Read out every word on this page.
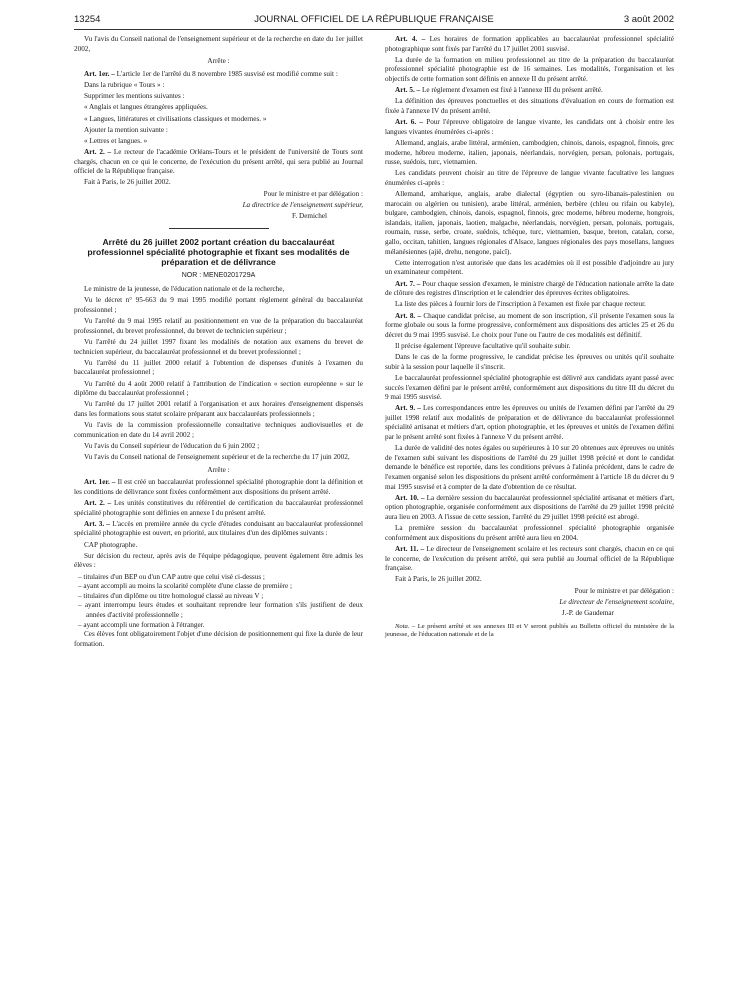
13254	JOURNAL OFFICIEL DE LA RÉPUBLIQUE FRANÇAISE	3 août 2002

Vu l'avis du Conseil national de l'enseignement supérieur et de la recherche en date du 1er juillet 2002,

Arrête :

Art. 1er. – L'article 1er de l'arrêté du 8 novembre 1985 susvisé est modifié comme suit :

Dans la rubrique « Tours » :

Supprimer les mentions suivantes :

« Anglais et langues étrangères appliquées.

« Langues, littératures et civilisations classiques et modernes. »

Ajouter la mention suivante :

« Lettres et langues. »

Art. 2. – Le recteur de l'académie Orléans-Tours et le président de l'université de Tours sont chargés, chacun en ce qui le concerne, de l'exécution du présent arrêté, qui sera publié au Journal officiel de la République française.

Fait à Paris, le 26 juillet 2002.

Pour le ministre et par délégation :

La directrice de l'enseignement supérieur,

F. Demichel

Arrêté du 26 juillet 2002 portant création du baccalauréat professionnel spécialité photographie et fixant ses modalités de préparation et de délivrance

NOR : MENE0201729A

Le ministre de la jeunesse, de l'éducation nationale et de la recherche,

Vu le décret n° 95-663 du 9 mai 1995 modifié portant règlement général du baccalauréat professionnel ;

Vu l'arrêté du 9 mai 1995 relatif au positionnement en vue de la préparation du baccalauréat professionnel, du brevet professionnel, du brevet de technicien supérieur ;

Vu l'arrêté du 24 juillet 1997 fixant les modalités de notation aux examens du brevet de technicien supérieur, du baccalauréat professionnel et du brevet professionnel ;

Vu l'arrêté du 11 juillet 2000 relatif à l'obtention de dispenses d'unités à l'examen du baccalauréat professionnel ;

Vu l'arrêté du 4 août 2000 relatif à l'attribution de l'indication « section européenne » sur le diplôme du baccalauréat professionnel ;

Vu l'arrêté du 17 juillet 2001 relatif à l'organisation et aux horaires d'enseignement dispensés dans les formations sous statut scolaire préparant aux baccalauréats professionnels ;

Vu l'avis de la commission professionnelle consultative techniques audiovisuelles et de communication en date du 14 avril 2002 ;

Vu l'avis du Conseil supérieur de l'éducation du 6 juin 2002 ;

Vu l'avis du Conseil national de l'enseignement supérieur et de la recherche du 17 juin 2002,

Arrête :

Art. 1er. – Il est créé un baccalauréat professionnel spécialité photographie dont la définition et les conditions de délivrance sont fixées conformément aux dispositions du présent arrêté.

Art. 2. – Les unités constitutives du référentiel de certification du baccalauréat professionnel spécialité photographie sont définies en annexe I du présent arrêté.

Art. 3. – L'accès en première année du cycle d'études conduisant au baccalauréat professionnel spécialité photographie est ouvert, en priorité, aux titulaires d'un des diplômes suivants :

CAP photographe.

Sur décision du recteur, après avis de l'équipe pédagogique, peuvent également être admis les élèves :

– titulaires d'un BEP ou d'un CAP autre que celui visé ci-dessus ;

– ayant accompli au moins la scolarité complète d'une classe de première ;

– titulaires d'un diplôme ou titre homologué classé au niveau V ;

– ayant interrompu leurs études et souhaitant reprendre leur formation s'ils justifient de deux années d'activité professionnelle ;

– ayant accompli une formation à l'étranger.

Ces élèves font obligatoirement l'objet d'une décision de positionnement qui fixe la durée de leur formation.

Art. 4. – Les horaires de formation applicables au baccalauréat professionnel spécialité photographique sont fixés par l'arrêté du 17 juillet 2001 susvisé.

La durée de la formation en milieu professionnel au titre de la préparation du baccalauréat professionnel spécialité photographie est de 16 semaines. Les modalités, l'organisation et les objectifs de cette formation sont définis en annexe II du présent arrêté.

Art. 5. – Le règlement d'examen est fixé à l'annexe III du présent arrêté.

La définition des épreuves ponctuelles et des situations d'évaluation en cours de formation est fixée à l'annexe IV du présent arrêté.

Art. 6. – Pour l'épreuve obligatoire de langue vivante, les candidats ont à choisir entre les langues vivantes énumérées ci-après :

Allemand, anglais, arabe littéral, arménien, cambodgien, chinois, danois, espagnol, finnois, grec moderne, hébreu moderne, italien, japonais, néerlandais, norvégien, persan, polonais, portugais, russe, suédois, turc, vietnamien.

Les candidats peuvent choisir au titre de l'épreuve de langue vivante facultative les langues énumérées ci-après :

Allemand, amharique, anglais, arabe dialectal (égyptien ou syro-libanais-palestinien ou marocain ou algérien ou tunisien), arabe littéral, arménien, berbère (chleu ou rifain ou kabyle), bulgare, cambodgien, chinois, danois, espagnol, finnois, grec moderne, hébreu moderne, hongrois, islandais, italien, japonais, laotien, malgache, néerlandais, norvégien, persan, polonais, portugais, roumain, russe, serbe, croate, suédois, tchèque, turc, vietnamien, basque, breton, catalan, corse, gallo, occitan, tahitien, langues régionales d'Alsace, langues régionales des pays mosellans, langues mélanésiennes (ajië, drehu, nengone, paicî).

Cette interrogation n'est autorisée que dans les académies où il est possible d'adjoindre au jury un examinateur compétent.

Art. 7. – Pour chaque session d'examen, le ministre chargé de l'éducation nationale arrête la date de clôture des registres d'inscription et le calendrier des épreuves écrites obligatoires.

La liste des pièces à fournir lors de l'inscription à l'examen est fixée par chaque recteur.

Art. 8. – Chaque candidat précise, au moment de son inscription, s'il présente l'examen sous la forme globale ou sous la forme progressive, conformément aux dispositions des articles 25 et 26 du décret du 9 mai 1995 susvisé. Le choix pour l'une ou l'autre de ces modalités est définitif.

Il précise également l'épreuve facultative qu'il souhaite subir.

Dans le cas de la forme progressive, le candidat précise les épreuves ou unités qu'il souhaite subir à la session pour laquelle il s'inscrit.

Le baccalauréat professionnel spécialité photographie est délivré aux candidats ayant passé avec succès l'examen défini par le présent arrêté, conformément aux dispositions du titre III du décret du 9 mai 1995 susvisé.

Art. 9. – Les correspondances entre les épreuves ou unités de l'examen défini par l'arrêté du 29 juillet 1998 relatif aux modalités de préparation et de délivrance du baccalauréat professionnel spécialité artisanat et métiers d'art, option photographie, et les épreuves et unités de l'examen défini par le présent arrêté sont fixées à l'annexe V du présent arrêté.

La durée de validité des notes égales ou supérieures à 10 sur 20 obtenues aux épreuves ou unités de l'examen subi suivant les dispositions de l'arrêté du 29 juillet 1998 précité et dont le candidat demande le bénéfice est reportée, dans les conditions prévues à l'alinéa précédent, dans le cadre de l'examen organisé selon les dispositions du présent arrêté conformément à l'article 18 du décret du 9 mai 1995 susvisé et à compter de la date d'obtention de ce résultat.

Art. 10. – La dernière session du baccalauréat professionnel spécialité artisanat et métiers d'art, option photographie, organisée conformément aux dispositions de l'arrêté du 29 juillet 1998 précité aura lieu en 2003. A l'issue de cette session, l'arrêté du 29 juillet 1998 précité est abrogé.

La première session du baccalauréat professionnel spécialité photographie organisée conformément aux dispositions du présent arrêté aura lieu en 2004.

Art. 11. – Le directeur de l'enseignement scolaire et les recteurs sont chargés, chacun en ce qui le concerne, de l'exécution du présent arrêté, qui sera publié au Journal officiel de la République française.

Fait à Paris, le 26 juillet 2002.

Pour le ministre et par délégation :

Le directeur de l'enseignement scolaire,

J.-P. de Gaudemar

Nota. – Le présent arrêté et ses annexes III et V seront publiés au Bulletin officiel du ministère de la jeunesse, de l'éducation nationale et de la
